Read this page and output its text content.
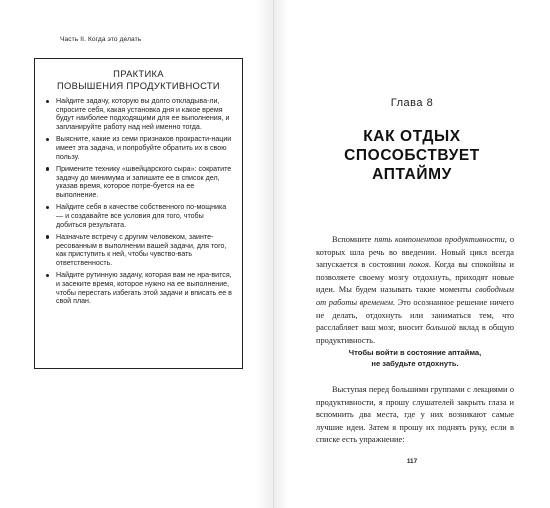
Часть II. Когда это делать
ПРАКТИКА
ПОВЫШЕНИЯ ПРОДУКТИВНОСТИ
Найдите задачу, которую вы долго откладыва-ли, спросите себя, какая установка дня и какое время будут наиболее подходящими для ее выполнения, и запланируйте работу над ней именно тогда.
Выясните, какие из семи признаков прокрасти-нации имеет эта задача, и попробуйте обратить их в свою пользу.
Примените технику «швейцарского сыра»: сократите задачу до минимума и запишите ее в список дел, указав время, которое потре-буется на ее выполнение.
Найдите себя в качестве собственного по-мощника — и создавайте все условия для того, чтобы добиться результата.
Назначьте встречу с другим человеком, заинте-ресованным в выполнении вашей задачи, для того, как приступить к ней, чтобы чувство-вать ответственность.
Найдите рутинную задачу, которая вам не нра-вится, и засеките время, которое нужно на ее выполнение, чтобы перестать избегать этой задачи и вписать ее в свой план.
Глава 8
КАК ОТДЫХ
СПОСОБСТВУЕТ
АПТАЙМУ

Вспомните пять компонентов продуктивности, о которых шла речь во введении. Новый цикл всегда запускается в состоянии покоя. Когда вы спокойны и позволяете своему мозгу отдохнуть, приходят новые идеи. Мы будем называть такие моменты свободным от работы временем. Это осознанное решение ничего не делать, отдохнуть или заниматься тем, что расслабляет ваш мозг, вносит большой вклад в общую продуктивность.

Чтобы войти в состояние аптайма,
не забудьте отдохнуть.

Выступая перед большими группами с лекциями о продуктивности, я прошу слушателей закрыть глаза и вспомнить два места, где у них возникают самые лучшие идеи. Затем я прошу их поднять руку, если в списке есть упражнение:

117
